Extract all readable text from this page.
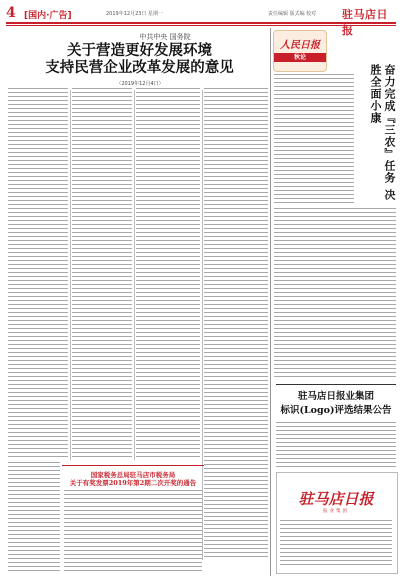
4 [国内·广告]	2019年12月23日 星期一	责任编辑 版式编 校对 驻马店日报
中共中央 国务院
关于营造更好发展环境
支持民营企业改革发展的意见
（2019年12月4日）
国家税务总局驻马店市税务局
关于有奖发票2019年第2期二次开奖的通告
人民日报
秋论
奋力完成『三农』任务 决胜全面小康
驻马店日报业集团
标识(Logo)评选结果公告
驻马店日报
报业集团
